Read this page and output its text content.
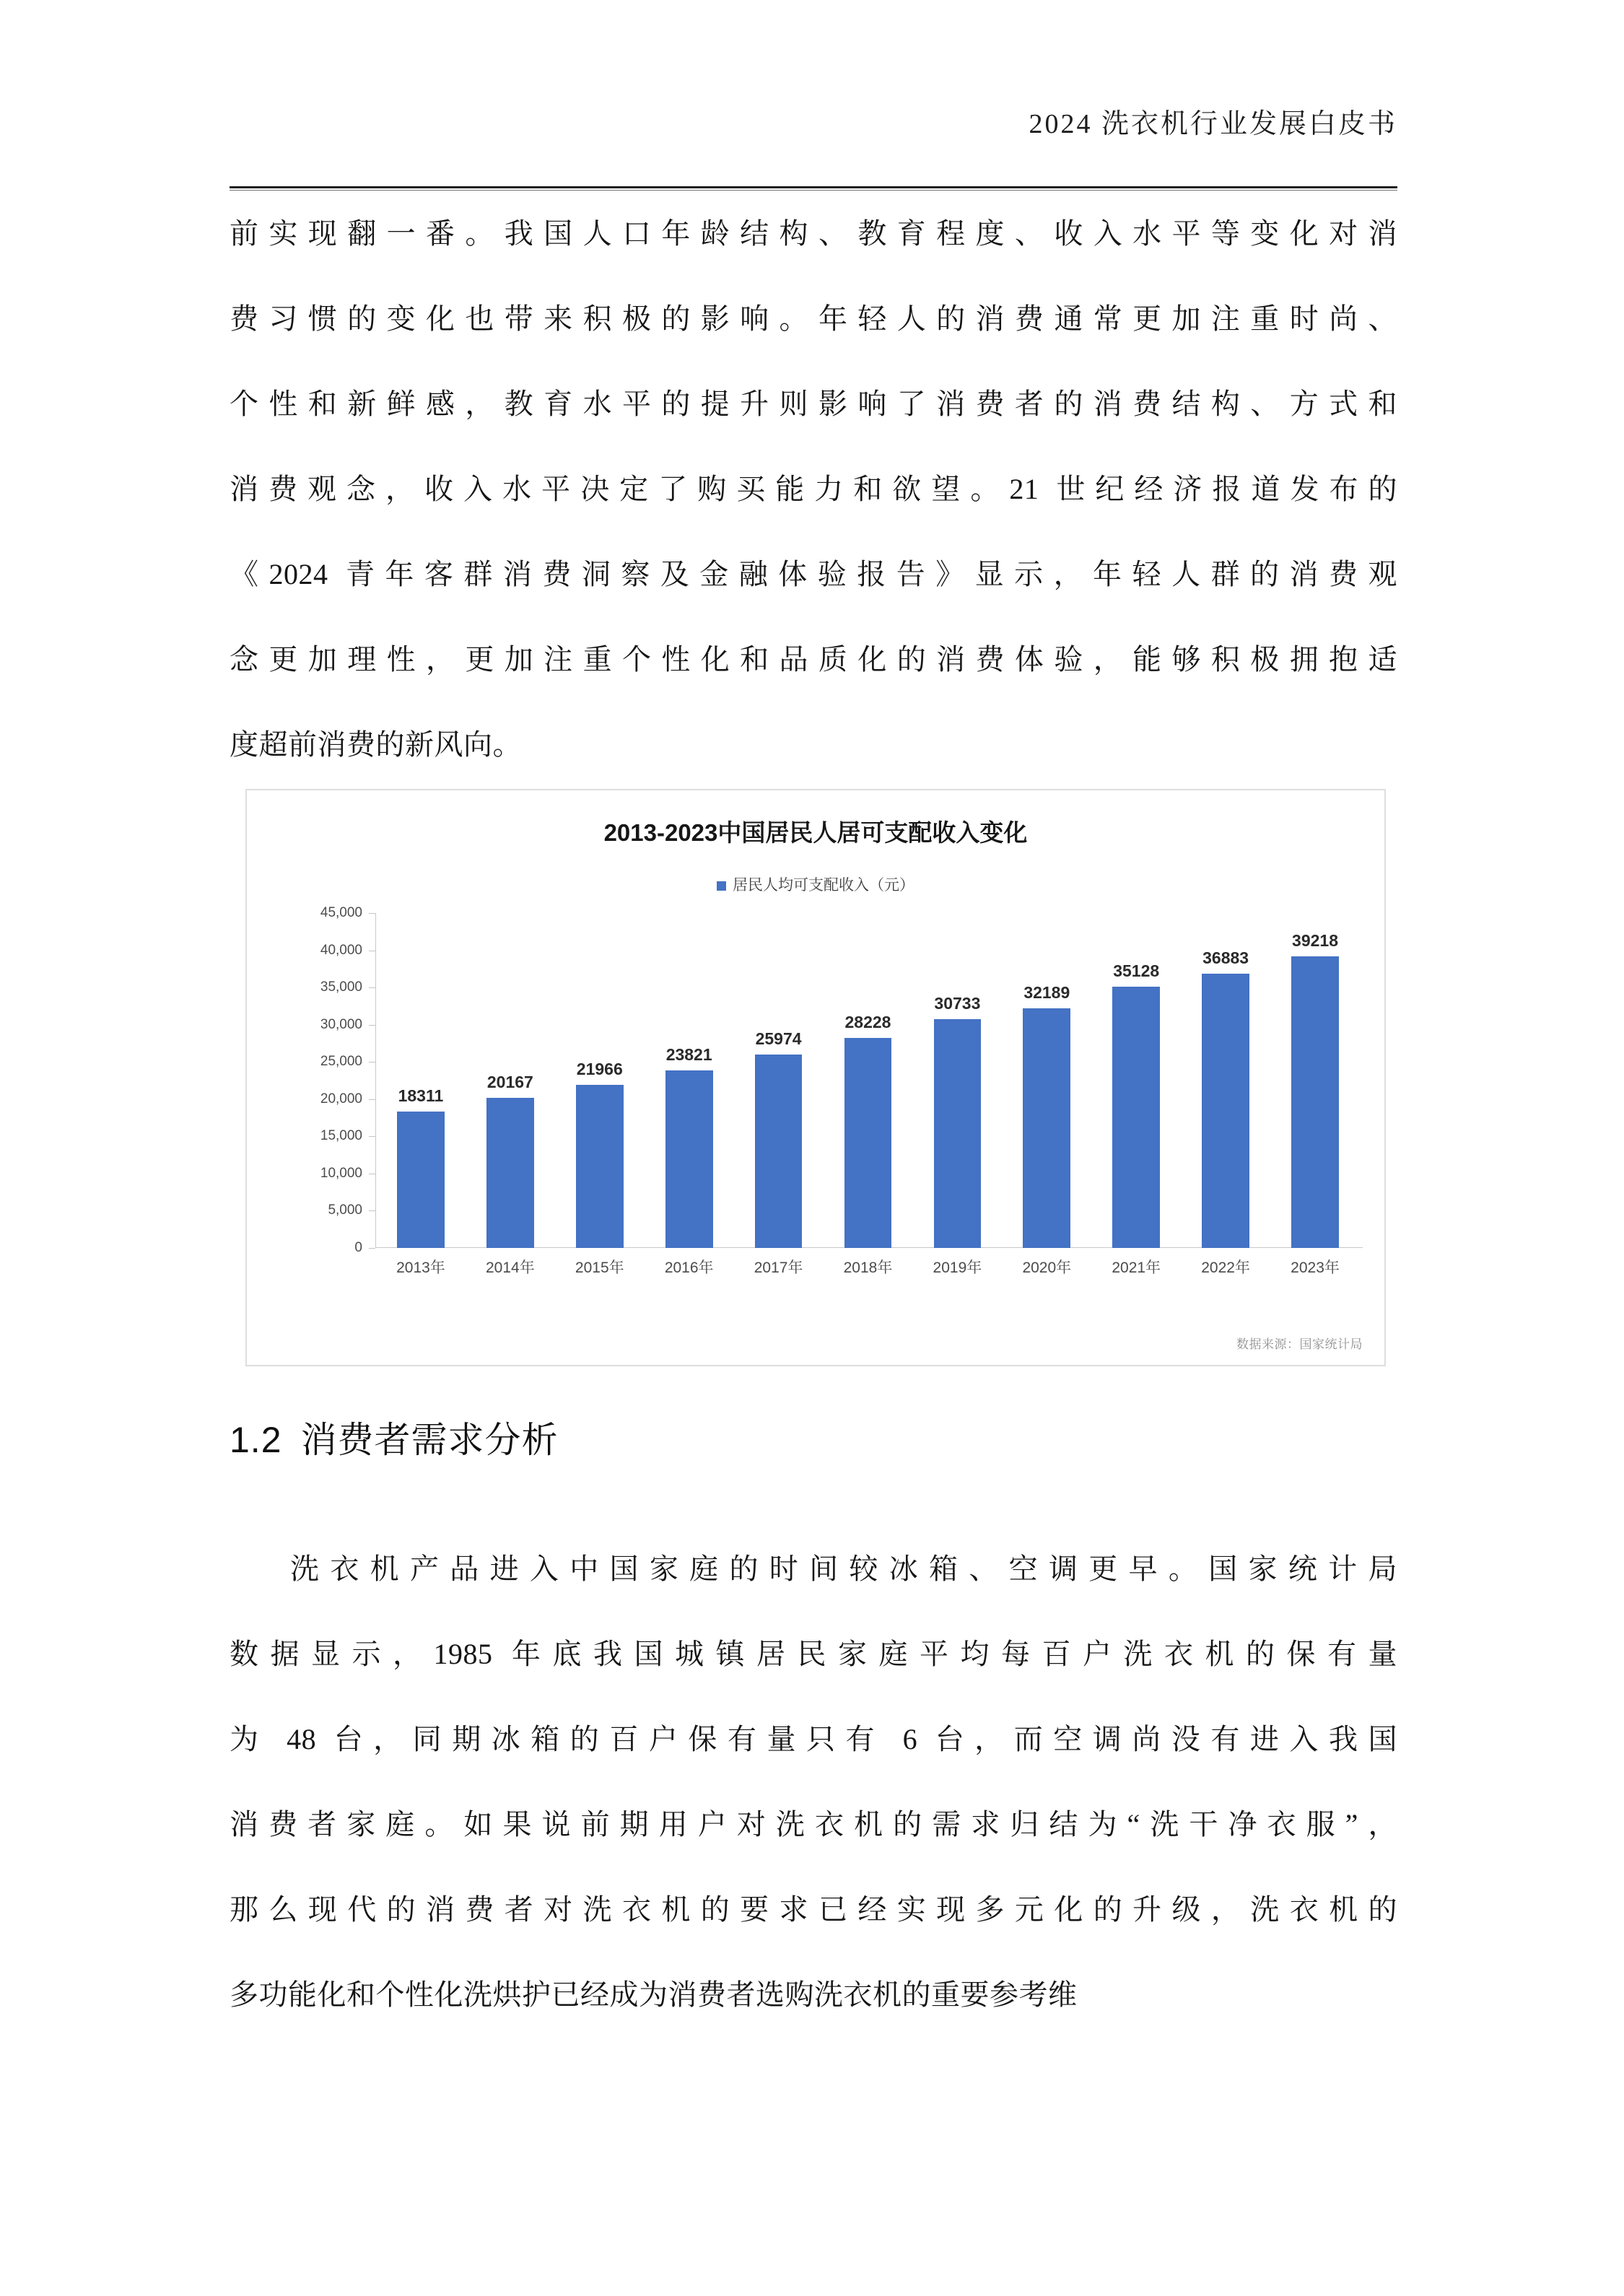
2024 洗衣机行业发展白皮书
前实现翻一番。我国人口年龄结构、教育程度、收入水平等变化对消
费习惯的变化也带来积极的影响。年轻人的消费通常更加注重时尚、
个性和新鲜感，教育水平的提升则影响了消费者的消费结构、方式和
消费观念，收入水平决定了购买能力和欲望。21 世纪经济报道发布的
《2024 青年客群消费洞察及金融体验报告》显示，年轻人群的消费观
念更加理性，更加注重个性化和品质化的消费体验，能够积极拥抱适
度超前消费的新风向。
2013-2023中国居民人居可支配收入变化
居民人均可支配收入（元）
45,000
40,000
35,000
30,000
25,000
20,000
15,000
10,000
5,000
0
18311
20167
21966
23821
25974
28228
30733
32189
35128
36883
39218
2013年	2014年	2015年	2016年	2017年	2018年	2019年	2020年	2021年	2022年	2023年
数据来源：国家统计局
1.2 消费者需求分析
洗衣机产品进入中国家庭的时间较冰箱、空调更早。国家统计局
数据显示，1985 年底我国城镇居民家庭平均每百户洗衣机的保有量
为 48 台，同期冰箱的百户保有量只有 6 台，而空调尚没有进入我国
消费者家庭。如果说前期用户对洗衣机的需求归结为“洗干净衣服”，
那么现代的消费者对洗衣机的要求已经实现多元化的升级，洗衣机的
多功能化和个性化洗烘护已经成为消费者选购洗衣机的重要参考维
